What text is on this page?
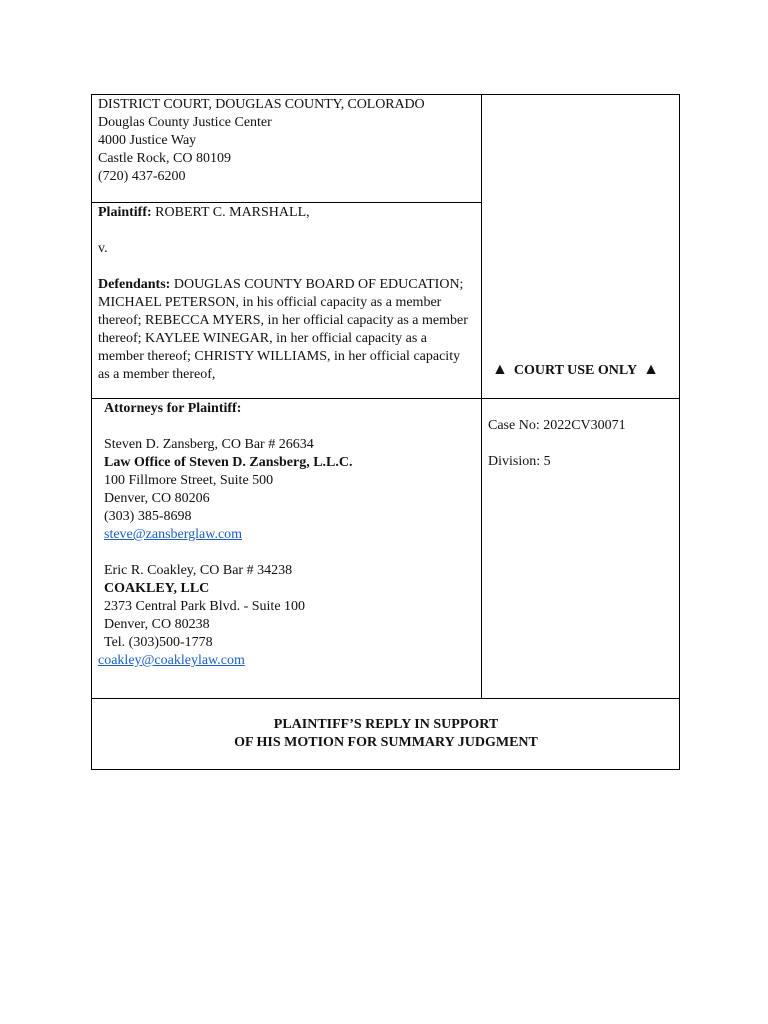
DISTRICT COURT, DOUGLAS COUNTY, COLORADO
Douglas County Justice Center
4000 Justice Way
Castle Rock, CO 80109
(720) 437-6200
Plaintiff: ROBERT C. MARSHALL,
v.
Defendants: DOUGLAS COUNTY BOARD OF EDUCATION; MICHAEL PETERSON, in his official capacity as a member thereof; REBECCA MYERS, in her official capacity as a member thereof; KAYLEE WINEGAR, in her official capacity as a member thereof; CHRISTY WILLIAMS, in her official capacity as a member thereof,	▲ COURT USE ONLY ▲
Attorneys for Plaintiff:
Steven D. Zansberg, CO Bar # 26634
Law Office of Steven D. Zansberg, L.L.C.
100 Fillmore Street, Suite 500
Denver, CO 80206
(303) 385-8698
steve@zansberglaw.com
Eric R. Coakley, CO Bar # 34238
COAKLEY, LLC
2373 Central Park Blvd. - Suite 100
Denver, CO 80238
Tel. (303)500-1778
coakley@coakleylaw.com
Case No: 2022CV30071
Division: 5
PLAINTIFF’S REPLY IN SUPPORT
OF HIS MOTION FOR SUMMARY JUDGMENT
